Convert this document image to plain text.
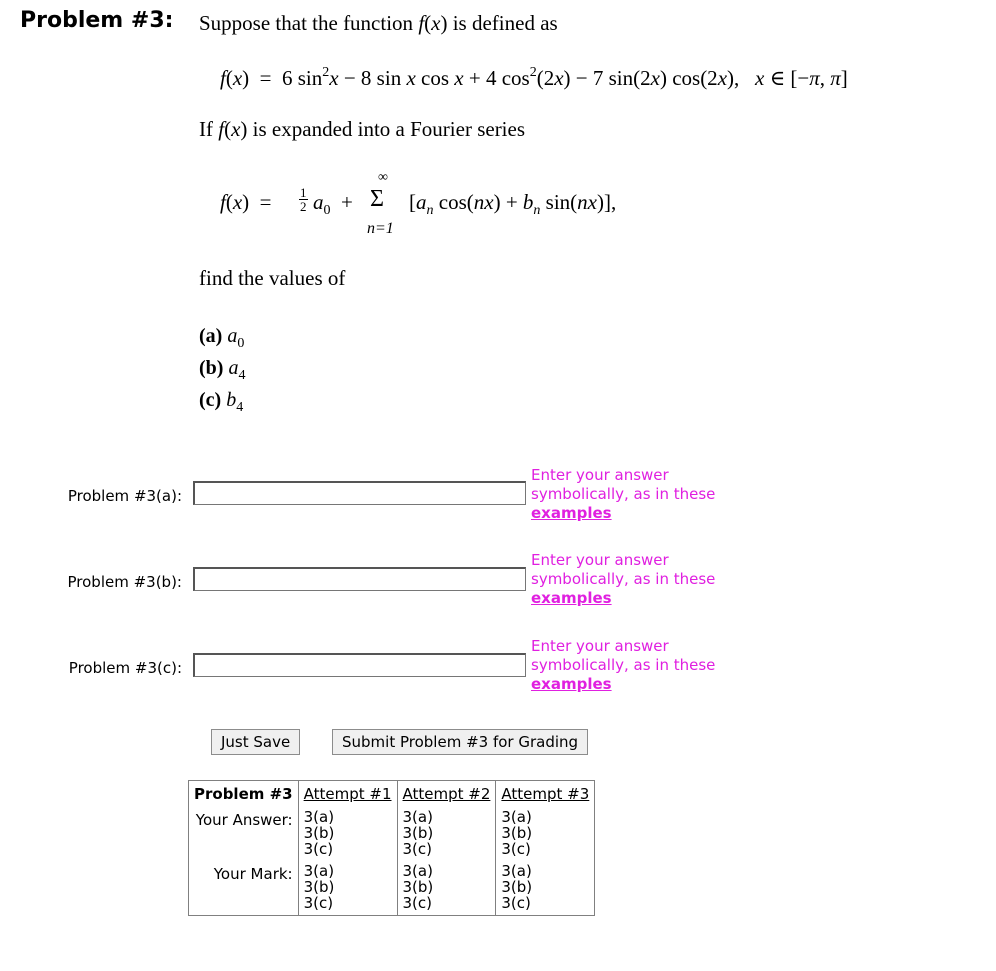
Problem #3: Suppose that the function f(x) is defined as
f(x)  =  6 $\sin^2x - 8$ sin x cos x + 4 $\cos^2(2x) - 7$ sin(2x) cos(2x),   x ∈ [−π, π]
If f(x) is expanded into a Fourier series
$f(x) = \frac{1}{2} a_0$  +
∞
Σ
n=1
[$a_n$ $\cos(nx) + b_n$ sin(nx)],
find the values of
(a) $a_0$
(b) $a_4$
(c) $b_4$
Problem #3(a):
Enter your answer symbolically, as in these
examples
Problem #3(b):
Enter your answer symbolically, as in these
examples
Problem #3(c):
Enter your answer symbolically, as in these
examples
Just Save	Submit Problem #3 for Grading
Problem #3	Attempt #1	Attempt #2	Attempt #3
Your Answer:	3(a)
3(b)
3(c)	3(a)
3(b)
3(c)	3(a)
3(b)
3(c)

Your Mark:	3(a)
3(b)
3(c)	3(a)
3(b)
3(c)	3(a)
3(b)
3(c)
